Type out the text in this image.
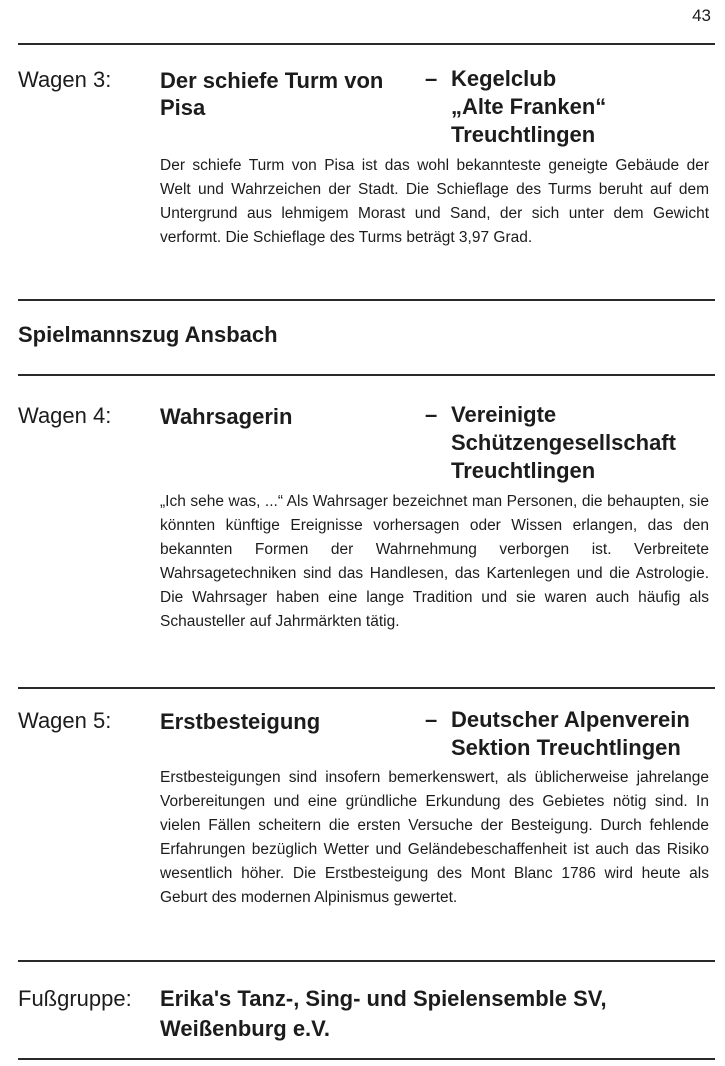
43
Wagen 3: Der schiefe Turm von Pisa
– Kegelclub
„Alte Franken“
Treuchtlingen

Der schiefe Turm von Pisa ist das wohl bekannteste geneigte Gebäude der Welt und Wahrzeichen der Stadt. Die Schieflage des Turms beruht auf dem Untergrund aus lehmigem Morast und Sand, der sich unter dem Gewicht verformt. Die Schieflage des Turms beträgt 3,97 Grad.

Spielmannszug Ansbach
Wagen 4: Wahrsagerin	– Vereinigte
Schützengesellschaft
Treuchtlingen

„Ich sehe was, ...“ Als Wahrsager bezeichnet man Personen, die behaupten, sie könnten künftige Ereignisse vorhersagen oder Wissen erlangen, das den bekannten Formen der Wahrnehmung verborgen ist. Verbreitete Wahrsagetechniken sind das Handlesen, das Kartenlegen und die Astrologie. Die Wahrsager haben eine lange Tradition und sie waren auch häufig als Schausteller auf Jahrmärkten tätig.

Wagen 5: Erstbesteigung	– Deutscher Alpenverein
Sektion Treuchtlingen

Erstbesteigungen sind insofern bemerkenswert, als üblicherweise jahrelange Vorbereitungen und eine gründliche Erkundung des Gebietes nötig sind. In vielen Fällen scheitern die ersten Versuche der Besteigung. Durch fehlende Erfahrungen bezüglich Wetter und Geländebeschaffenheit ist auch das Risiko wesentlich höher. Die Erstbesteigung des Mont Blanc 1786 wird heute als Geburt des modernen Alpinismus gewertet.

Fußgruppe: Erika's Tanz-, Sing- und Spielensemble SV, Weißenburg e.V.
